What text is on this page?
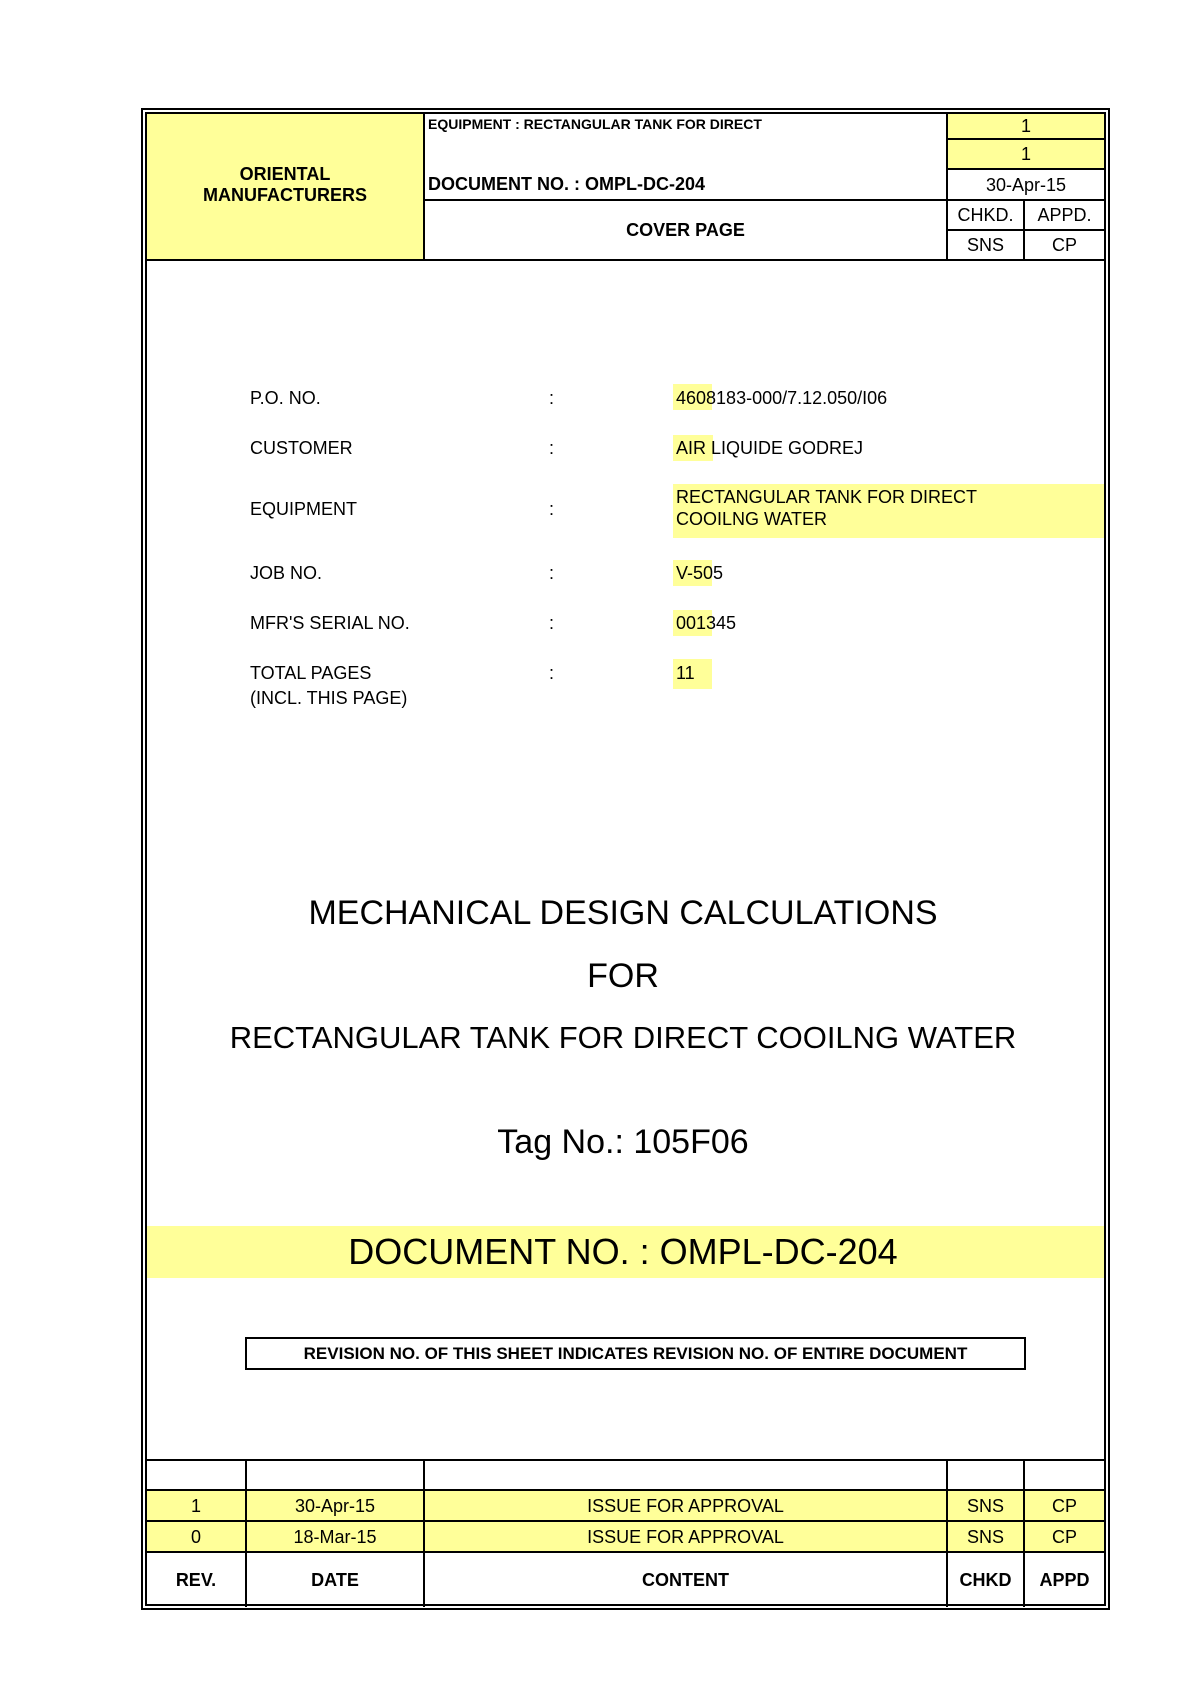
ORIENTAL
MANUFACTURERS
EQUIPMENT : RECTANGULAR TANK FOR DIRECT
DOCUMENT NO. : OMPL-DC-204
COVER PAGE
1
1
30-Apr-15
CHKD.	APPD.
SNS	CP
P.O. NO.	:	4608183-000/7.12.050/I06
CUSTOMER	:	AIR LIQUIDE GODREJ
EQUIPMENT	:
RECTANGULAR TANK FOR DIRECT
COOILNG WATER
JOB NO.	:	V-505
MFR'S SERIAL NO.	:	001345
TOTAL PAGES
(INCL. THIS PAGE)
:	11
MECHANICAL DESIGN CALCULATIONS
FOR
RECTANGULAR TANK FOR DIRECT COOILNG WATER
Tag No.: 105F06
DOCUMENT NO. : OMPL-DC-204
REVISION NO. OF THIS SHEET INDICATES REVISION NO. OF ENTIRE DOCUMENT
1	30-Apr-15	ISSUE FOR APPROVAL	SNS	CP
0	18-Mar-15	ISSUE FOR APPROVAL	SNS	CP
REV.	DATE	CONTENT	CHKD	APPD
